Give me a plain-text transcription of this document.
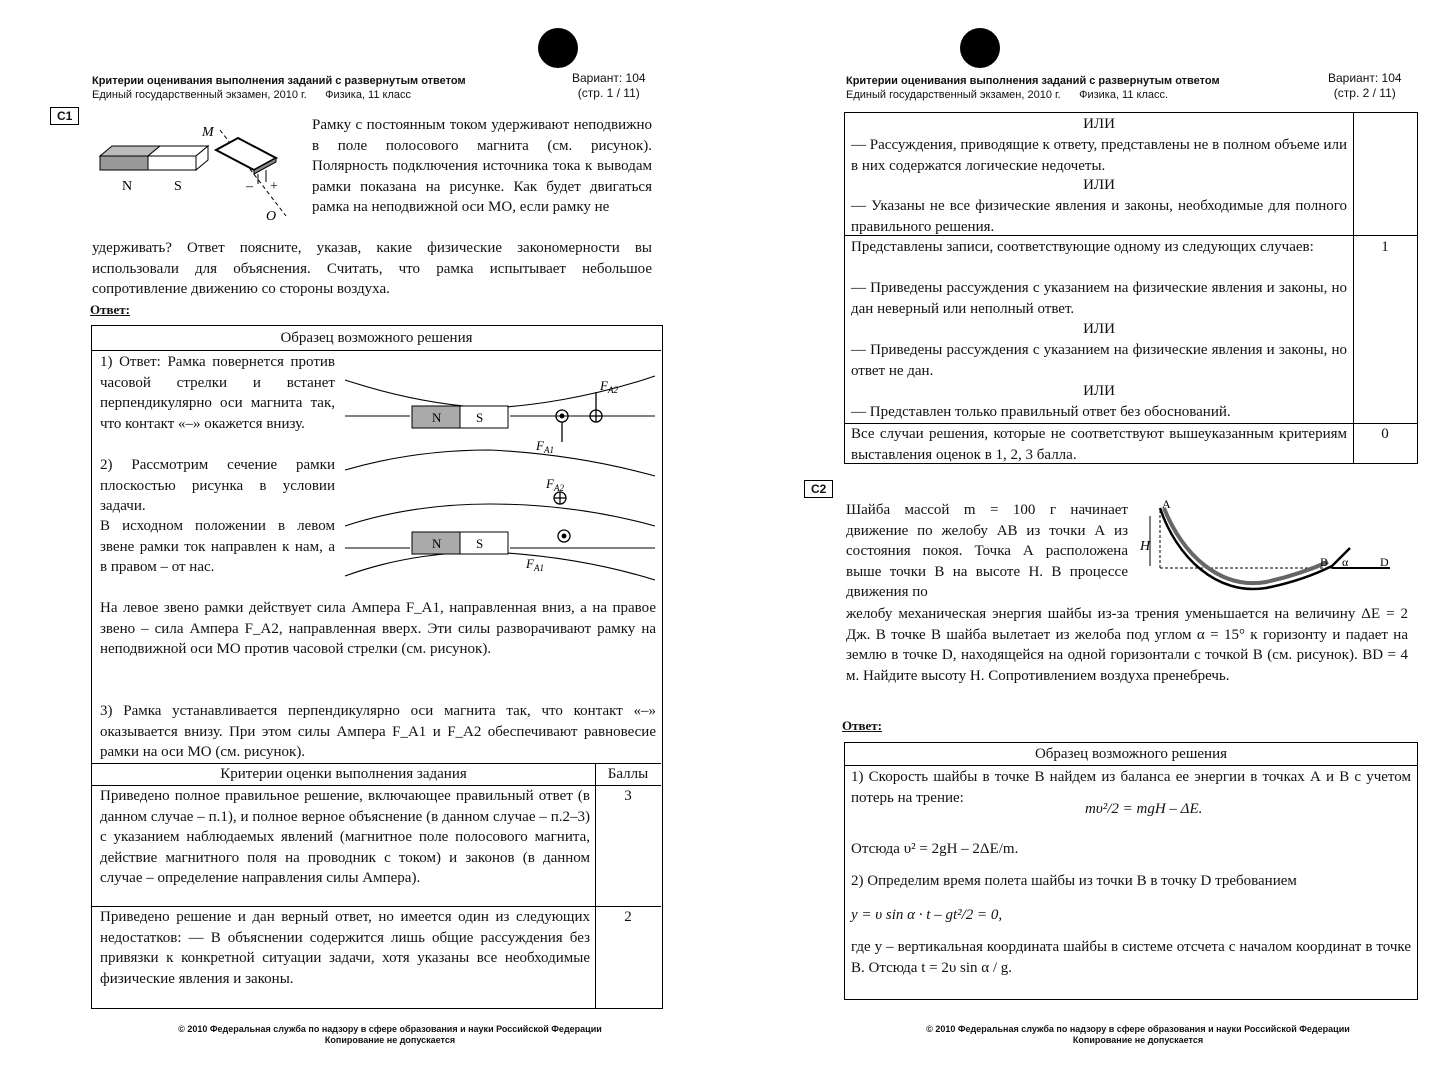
Критерии оценивания выполнения заданий с развернутым ответом
Единый государственный экзамен, 2010 г. Физика, 11 класс
Вариант: 104
(стр. 1 / 11)
C1
N	S
M
O
– +
Рамку с постоянным током удерживают неподвижно в поле полосового магнита (см. рисунок). Полярность подключения источника тока к выводам рамки показана на рисунке. Как будет двигаться рамка на неподвижной оси MO, если рамку не
удерживать? Ответ поясните, указав, какие физические закономерности вы использовали для объяснения. Считать, что рамка испытывает небольшое сопротивление движению со стороны воздуха.
Ответ:
Образец возможного решения
1) Ответ: Рамка повернется против часовой стрелки и встанет перпендикулярно оси магнита так, что контакт «–» окажется внизу.
2) Рассмотрим сечение рамки плоскостью рисунка в условии задачи.
В исходном положении в левом звене рамки ток направлен к нам, а в правом – от нас.
N	S
N	S
$F_{A1}$
$F_{A2}$
$F_{A2}$
$F_{A1}$
На левое звено рамки действует сила Ампера F_A1, направленная вниз, а на правое звено – сила Ампера F_A2, направленная вверх. Эти силы разворачивают рамку на неподвижной оси MO против часовой стрелки (см. рисунок).
3) Рамка устанавливается перпендикулярно оси магнита так, что контакт «–» оказывается внизу. При этом силы Ампера F_A1 и F_A2 обеспечивают равновесие рамки на оси MO (см. рисунок).
Критерии оценки выполнения задания	Баллы
Приведено полное правильное решение, включающее правильный ответ (в данном случае – п.1), и полное верное объяснение (в данном случае – п.2–3) с указанием наблюдаемых явлений (магнитное поле полосового магнита, действие магнитного поля на проводник с током) и законов (в данном случае – определение направления силы Ампера).
3
Приведено решение и дан верный ответ, но имеется один из следующих недостатков: — В объяснении содержится лишь общие рассуждения без привязки к конкретной ситуации задачи, хотя указаны все необходимые физические явления и законы.
2
© 2010 Федеральная служба по надзору в сфере образования и науки Российской Федерации
Копирование не допускается
Критерии оценивания выполнения заданий с развернутым ответом
Единый государственный экзамен, 2010 г. Физика, 11 класс.
Вариант: 104
(стр. 2 / 11)
ИЛИ
— Рассуждения, приводящие к ответу, представлены не в полном объеме или в них содержатся логические недочеты.
ИЛИ
— Указаны не все физические явления и законы, необходимые для полного правильного решения.
Представлены записи, соответствующие одному из следующих случаев:	1
— Приведены рассуждения с указанием на физические явления и законы, но дан неверный или неполный ответ.
ИЛИ
— Приведены рассуждения с указанием на физические явления и законы, но ответ не дан.
ИЛИ
— Представлен только правильный ответ без обоснований.
Все случаи решения, которые не соответствуют вышеуказанным критериям выставления оценок в 1, 2, 3 балла.
0
C2
Шайба массой m = 100 г начинает движение по желобу АВ из точки А из состояния покоя. Точка А расположена выше точки В на высоте H. В процессе движения по
A
H
B α	D
желобу механическая энергия шайбы из-за трения уменьшается на величину ΔE = 2 Дж. В точке В шайба вылетает из желоба под углом α = 15° к горизонту и падает на землю в точке D, находящейся на одной горизонтали с точкой В (см. рисунок). BD = 4 м. Найдите высоту H. Сопротивлением воздуха пренебречь.
Ответ:
Образец возможного решения
1) Скорость шайбы в точке В найдем из баланса ее энергии в точках А и В с учетом потерь на трение:
mυ²/2 = mgH – ΔE.
Отсюда υ² = 2gH – 2ΔE/m.
2) Определим время полета шайбы из точки В в точку D требованием
y = υ sin α · t – gt²/2 = 0,
где y – вертикальная координата шайбы в системе отсчета с началом координат в точке В. Отсюда t = 2υ sin α / g.
© 2010 Федеральная служба по надзору в сфере образования и науки Российской Федерации
Копирование не допускается
